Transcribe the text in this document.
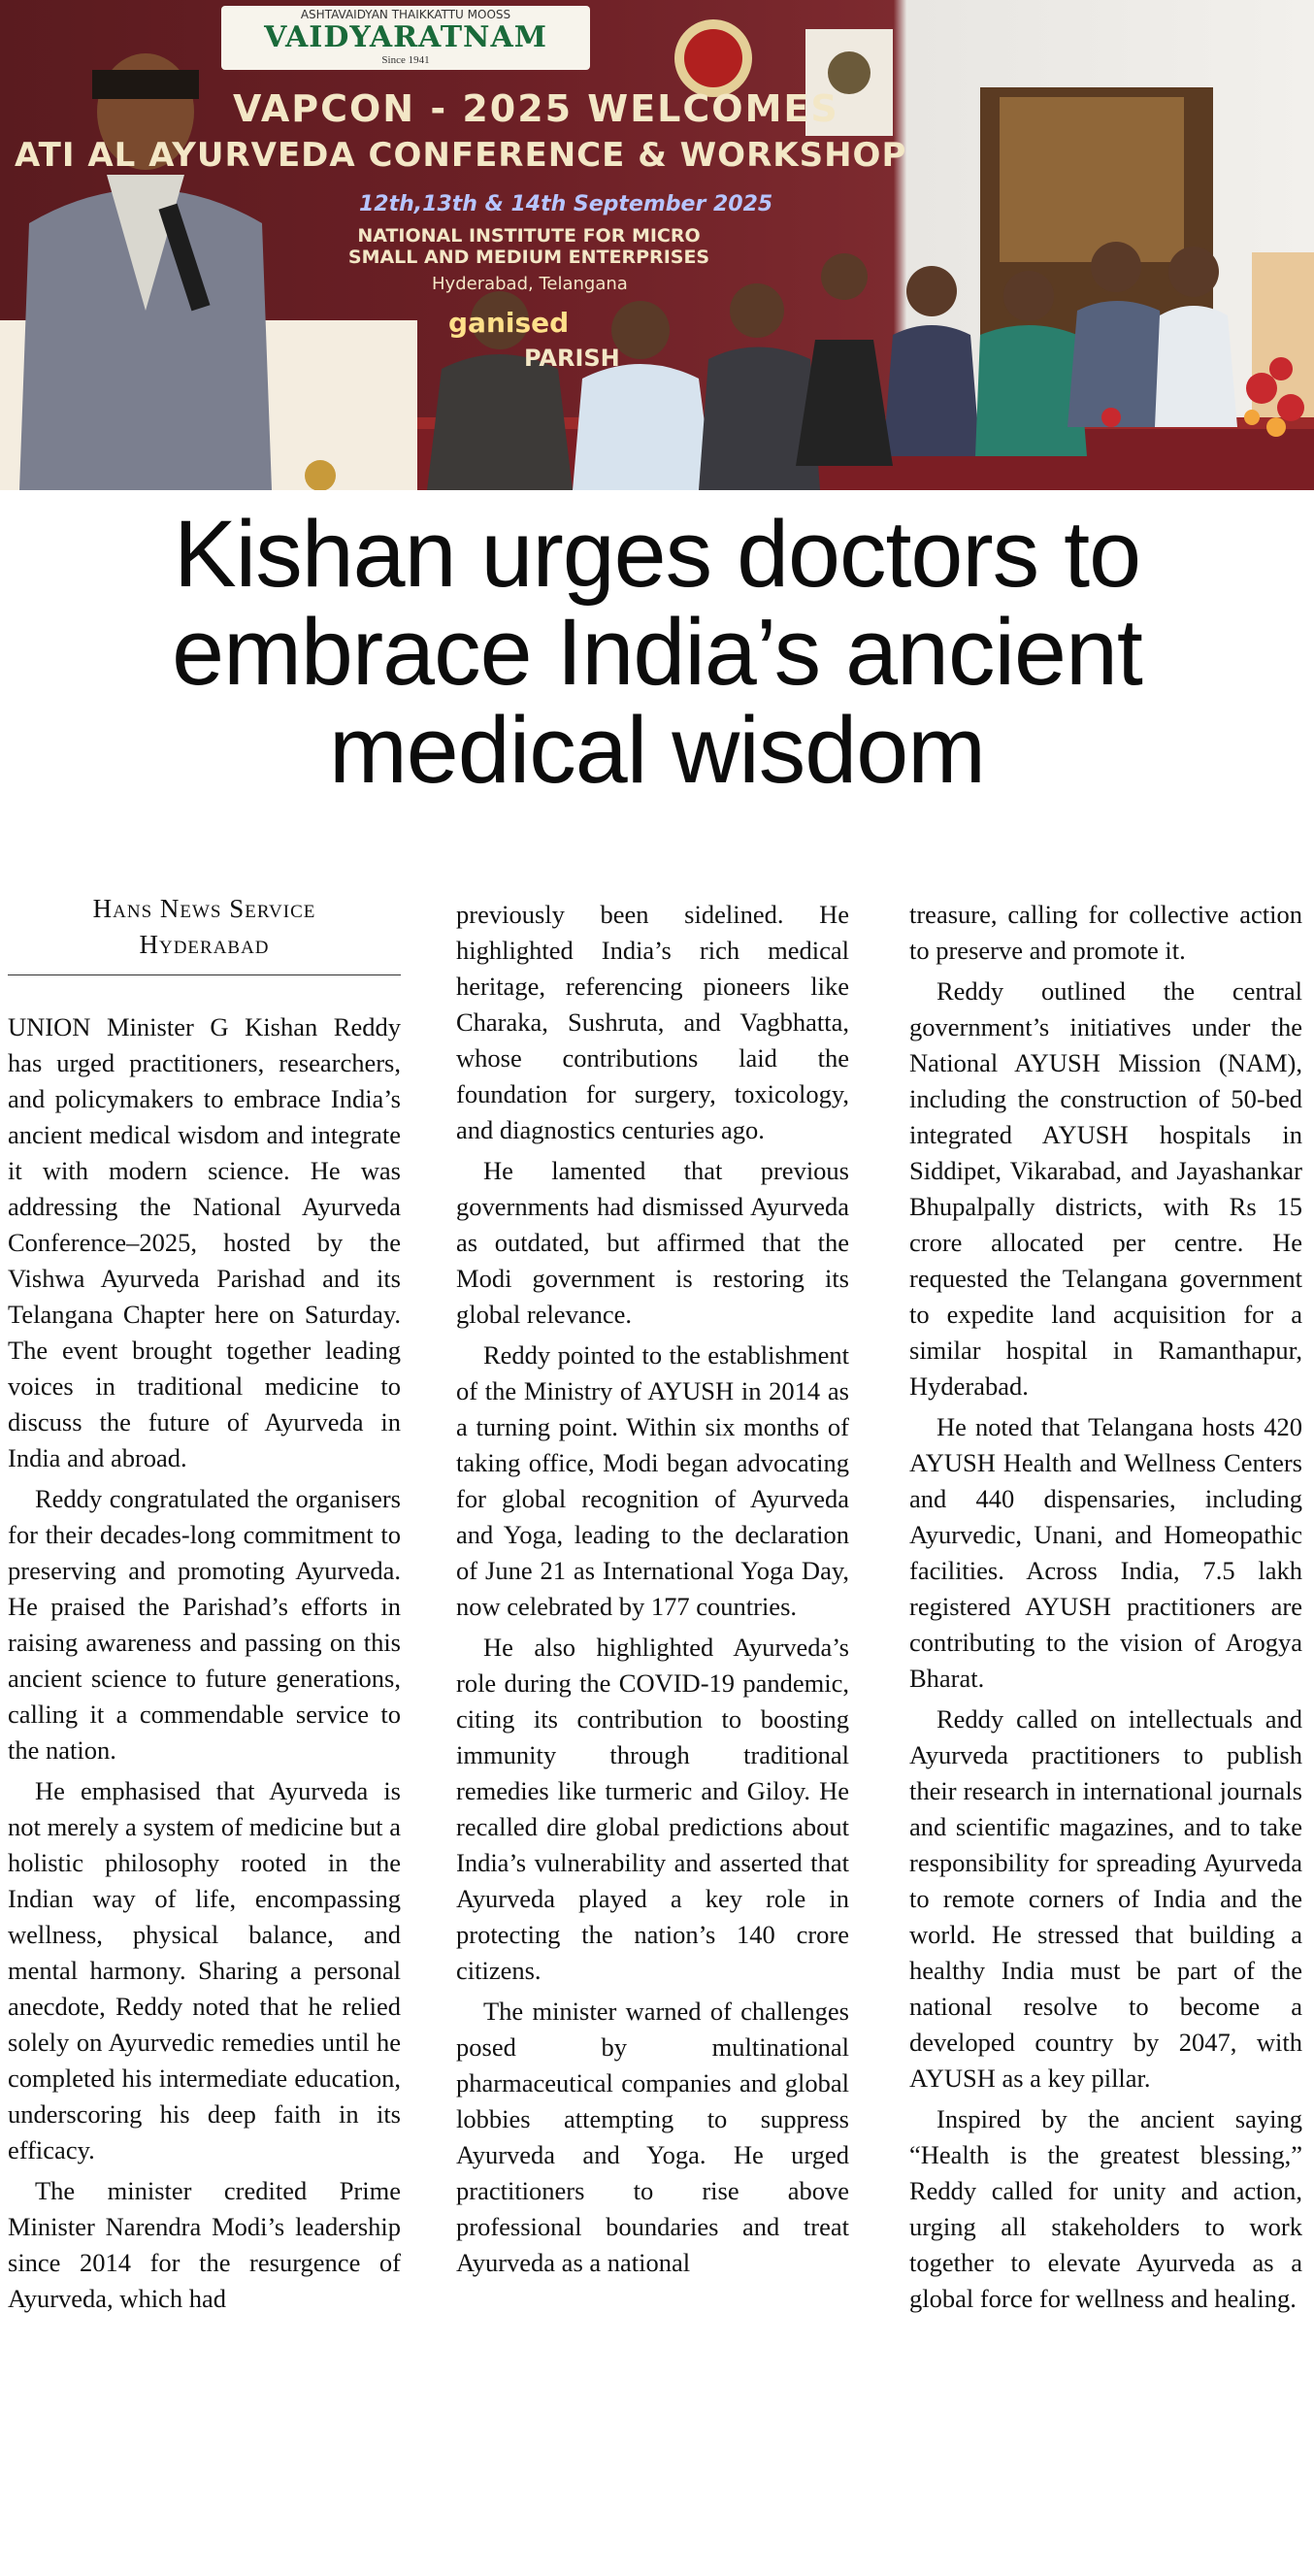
ASHTAVAIDYAN THAIKKATTU MOOSS
VAIDYARATNAM
Since 1941
VAPCON - 2025 WELCOMES
ATI AL AYURVEDA CONFERENCE & WORKSHOP
12th,13th & 14th September 2025
NATIONAL INSTITUTE FOR MICRO SMALL AND MEDIUM ENTERPRISES
Hyderabad, Telangana
ganised
PARISH
Kishan urges doctors to
embrace India’s ancient
medical wisdom
Hans News Service
Hyderabad

UNION Minister G Kishan Reddy has urged practitioners, researchers, and policymakers to embrace India’s ancient medical wisdom and integrate it with modern science. He was addressing the National Ayurveda Conference–2025, hosted by the Vishwa Ayurveda Parishad and its Telangana Chapter here on Saturday. The event brought together leading voices in traditional medicine to discuss the future of Ayurveda in India and abroad.

Reddy congratulated the organisers for their decades-long commitment to preserving and promoting Ayurveda. He praised the Parishad’s efforts in raising awareness and passing on this ancient science to future generations, calling it a commendable service to the nation.

He emphasised that Ayurveda is not merely a system of medicine but a holistic philosophy rooted in the Indian way of life, encompassing wellness, physical balance, and mental harmony. Sharing a personal anecdote, Reddy noted that he relied solely on Ayurvedic remedies until he completed his intermediate education, underscoring his deep faith in its efficacy.

The minister credited Prime Minister Narendra Modi’s leadership since 2014 for the resurgence of Ayurveda, which had

previously been sidelined. He highlighted India’s rich medical heritage, referencing pioneers like Charaka, Sushruta, and Vagbhatta, whose contributions laid the foundation for surgery, toxicology, and diagnostics centuries ago.

He lamented that previous governments had dismissed Ayurveda as outdated, but affirmed that the Modi government is restoring its global relevance.

Reddy pointed to the establishment of the Ministry of AYUSH in 2014 as a turning point. Within six months of taking office, Modi began advocating for global recognition of Ayurveda and Yoga, leading to the declaration of June 21 as International Yoga Day, now celebrated by 177 countries.

He also highlighted Ayurveda’s role during the COVID-19 pandemic, citing its contribution to boosting immunity through traditional remedies like turmeric and Giloy. He recalled dire global predictions about India’s vulnerability and asserted that Ayurveda played a key role in protecting the nation’s 140 crore citizens.

The minister warned of challenges posed by multinational pharmaceutical companies and global lobbies attempting to suppress Ayurveda and Yoga. He urged practitioners to rise above professional boundaries and treat Ayurveda as a national

treasure, calling for collective action to preserve and promote it.

Reddy outlined the central government’s initiatives under the National AYUSH Mission (NAM), including the construction of 50-bed integrated AYUSH hospitals in Siddipet, Vikarabad, and Jayashankar Bhupalpally districts, with Rs 15 crore allocated per centre. He requested the Telangana government to expedite land acquisition for a similar hospital in Ramanthapur, Hyderabad.

He noted that Telangana hosts 420 AYUSH Health and Wellness Centers and 440 dispensaries, including Ayurvedic, Unani, and Homeopathic facilities. Across India, 7.5 lakh registered AYUSH practitioners are contributing to the vision of Arogya Bharat.

Reddy called on intellectuals and Ayurveda practitioners to publish their research in international journals and scientific magazines, and to take responsibility for spreading Ayurveda to remote corners of India and the world. He stressed that building a healthy India must be part of the national resolve to become a developed country by 2047, with AYUSH as a key pillar.

Inspired by the ancient saying “Health is the greatest blessing,” Reddy called for unity and action, urging all stakeholders to work together to elevate Ayurveda as a global force for wellness and healing.
